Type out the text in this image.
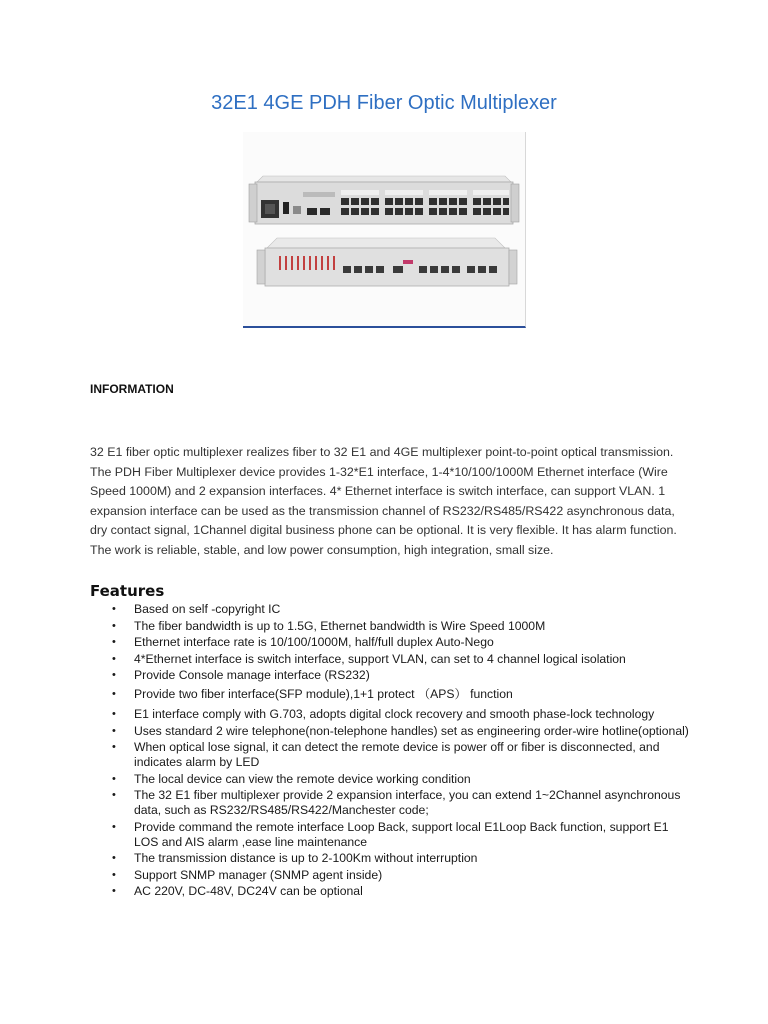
32E1 4GE PDH Fiber Optic Multiplexer
INFORMATION

32 E1 fiber optic multiplexer realizes fiber to 32 E1 and 4GE multiplexer point-to-point optical transmission. The PDH Fiber Multiplexer device provides 1-32*E1 interface, 1-4*10/100/1000M Ethernet interface (Wire Speed 1000M) and 2 expansion interfaces. 4* Ethernet interface is switch interface, can support VLAN. 1 expansion interface can be used as the transmission channel of RS232/RS485/RS422 asynchronous data, dry contact signal, 1Channel digital business phone can be optional. It is very flexible. It has alarm function. The work is reliable, stable, and low power consumption, high integration, small size.

Features
• Based on self -copyright IC
• The fiber bandwidth is up to 1.5G, Ethernet bandwidth is Wire Speed 1000M
• Ethernet interface rate is 10/100/1000M, half/full duplex Auto-Nego
• 4*Ethernet interface is switch interface, support VLAN, can set to 4 channel logical isolation
• Provide Console manage interface (RS232)
• Provide two fiber interface(SFP module),1+1 protect （APS） function
• E1 interface comply with G.703, adopts digital clock recovery and smooth phase-lock technology
• Uses standard 2 wire telephone(non-telephone handles) set as engineering order-wire hotline(optional)
• When optical lose signal, it can detect the remote device is power off or fiber is disconnected, and indicates alarm by LED
• The local device can view the remote device working condition
• The 32 E1 fiber multiplexer provide 2 expansion interface, you can extend 1~2Channel asynchronous data, such as RS232/RS485/RS422/Manchester code;
• Provide command the remote interface Loop Back, support local E1Loop Back function, support E1 LOS and AIS alarm ,ease line maintenance
• The transmission distance is up to 2-100Km without interruption
• Support SNMP manager (SNMP agent inside)
• AC 220V, DC-48V, DC24V can be optional
